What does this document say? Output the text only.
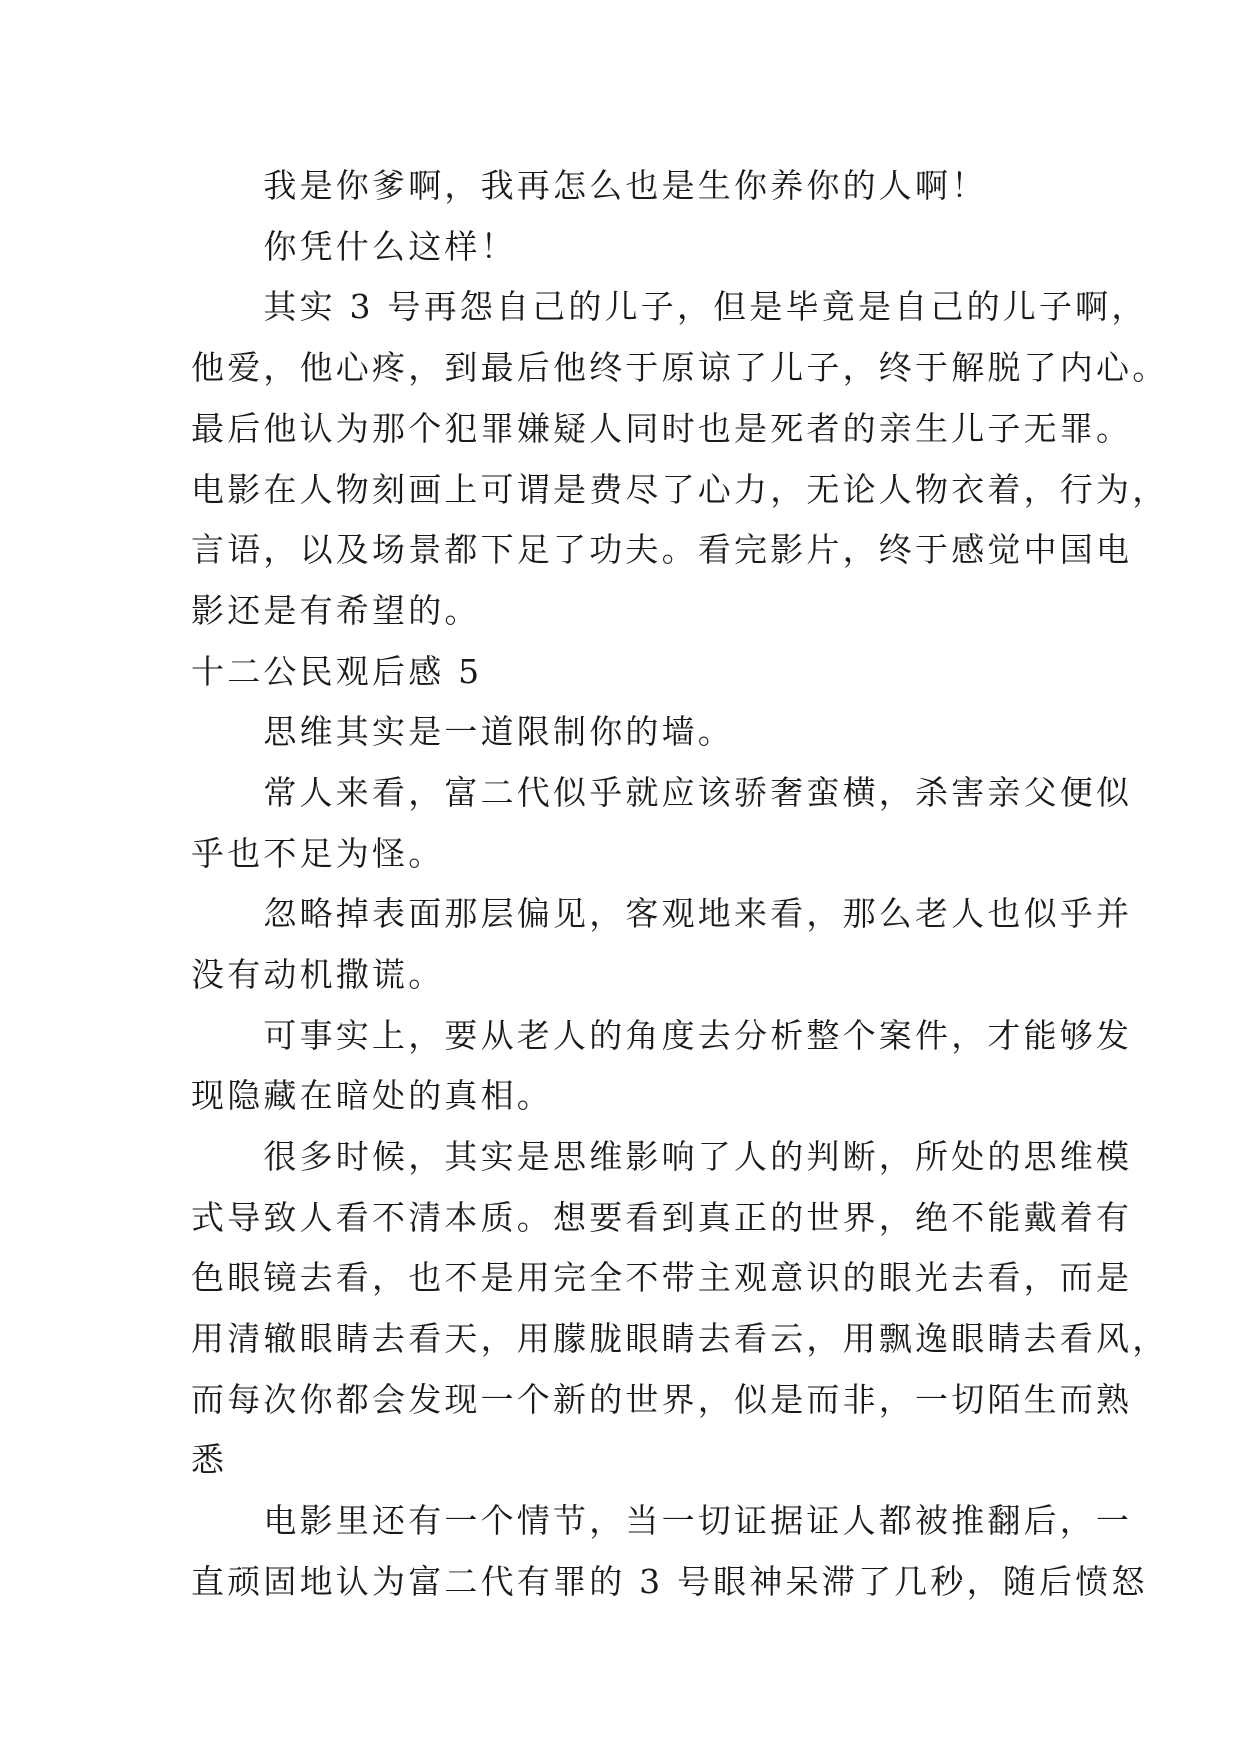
　　我是你爹啊，我再怎么也是生你养你的人啊！
　　你凭什么这样！
　　其实 3 号再怨自己的儿子，但是毕竟是自己的儿子啊，
他爱，他心疼，到最后他终于原谅了儿子，终于解脱了内心。
最后他认为那个犯罪嫌疑人同时也是死者的亲生儿子无罪。
电影在人物刻画上可谓是费尽了心力，无论人物衣着，行为，
言语，以及场景都下足了功夫。看完影片，终于感觉中国电
影还是有希望的。
十二公民观后感 5
　　思维其实是一道限制你的墙。
　　常人来看，富二代似乎就应该骄奢蛮横，杀害亲父便似
乎也不足为怪。
　　忽略掉表面那层偏见，客观地来看，那么老人也似乎并
没有动机撒谎。
　　可事实上，要从老人的角度去分析整个案件，才能够发
现隐藏在暗处的真相。
　　很多时候，其实是思维影响了人的判断，所处的思维模
式导致人看不清本质。想要看到真正的世界，绝不能戴着有
色眼镜去看，也不是用完全不带主观意识的眼光去看，而是
用清辙眼睛去看天，用朦胧眼睛去看云，用飘逸眼睛去看风，
而每次你都会发现一个新的世界，似是而非，一切陌生而熟
悉
　　电影里还有一个情节，当一切证据证人都被推翻后，一
直顽固地认为富二代有罪的 3 号眼神呆滞了几秒，随后愤怒
